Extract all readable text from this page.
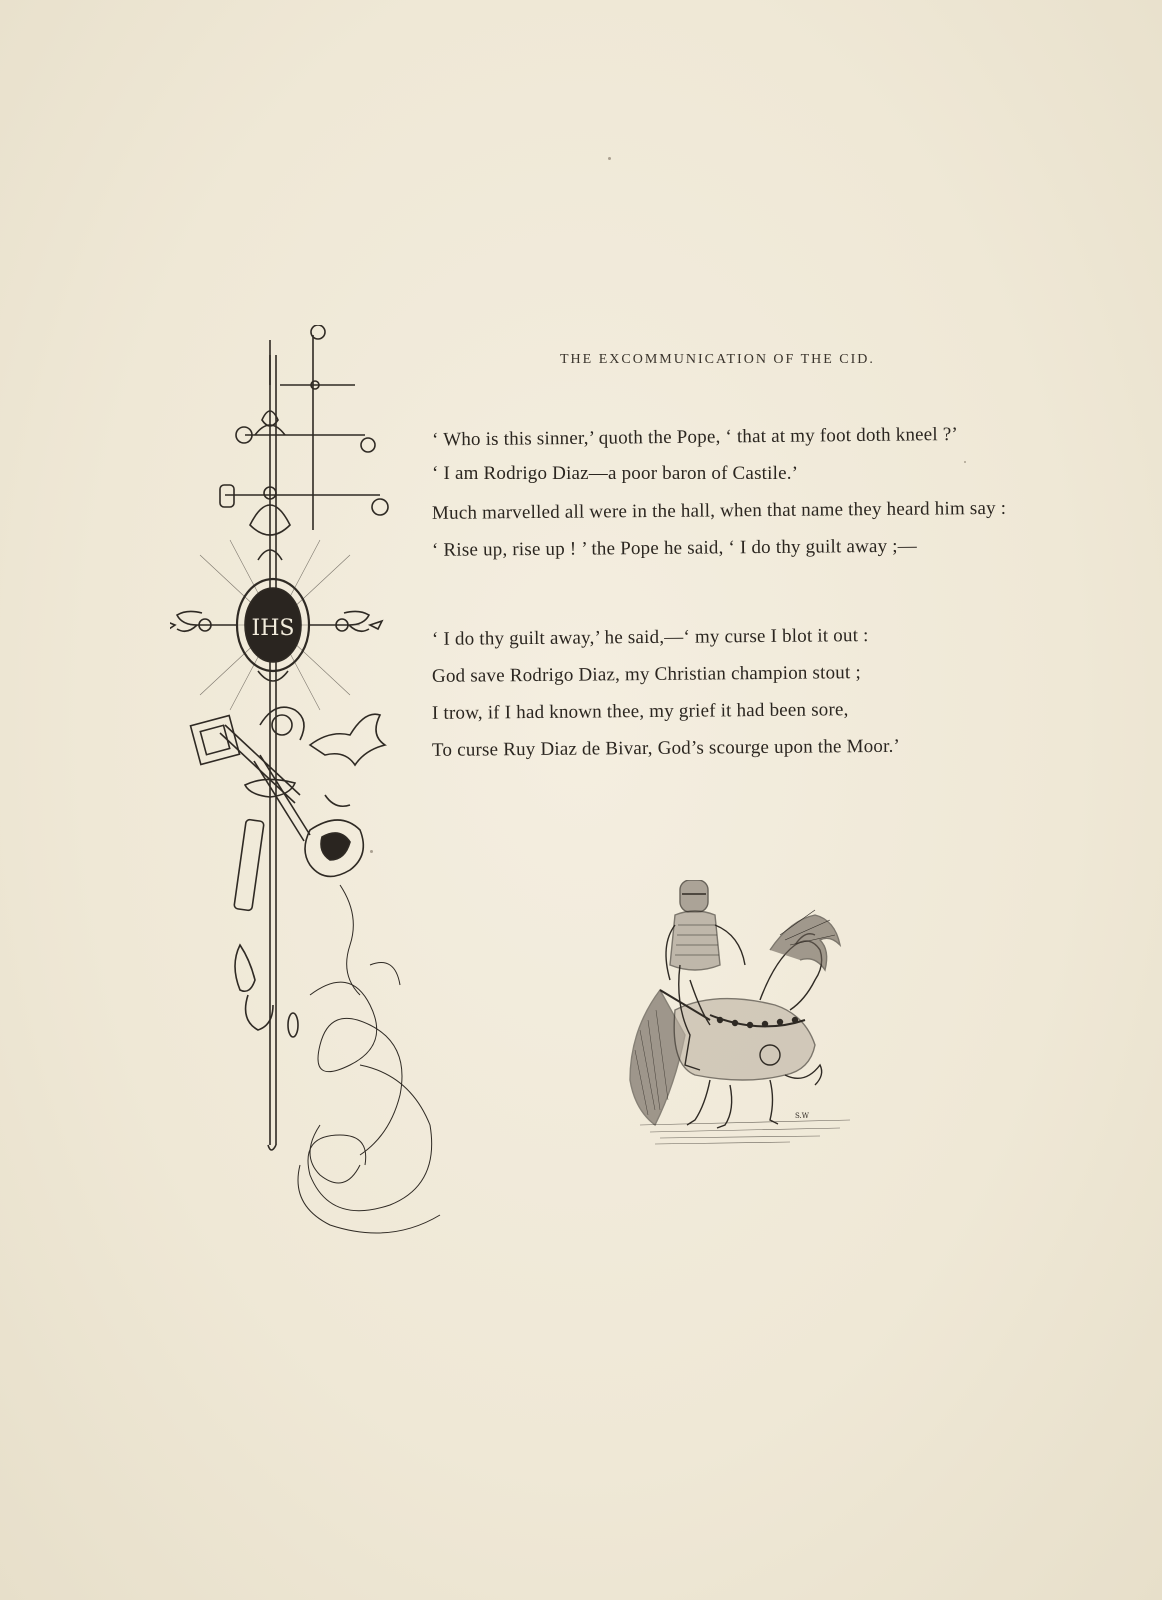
THE EXCOMMUNICATION OF THE CID.
IHS
‘ Who is this sinner,’ quoth the Pope, ‘ that at my foot doth kneel ?’
‘ I am Rodrigo Diaz—a poor baron of Castile.’
Much marvelled all were in the hall, when that name they heard him say :
‘ Rise up, rise up ! ’ the Pope he said, ‘ I do thy guilt away ;—
‘ I do thy guilt away,’ he said,—‘ my curse I blot it out :
God save Rodrigo Diaz, my Christian champion stout ;
I trow, if I had known thee, my grief it had been sore,
To curse Ruy Diaz de Bivar, God’s scourge upon the Moor.’
S.W
